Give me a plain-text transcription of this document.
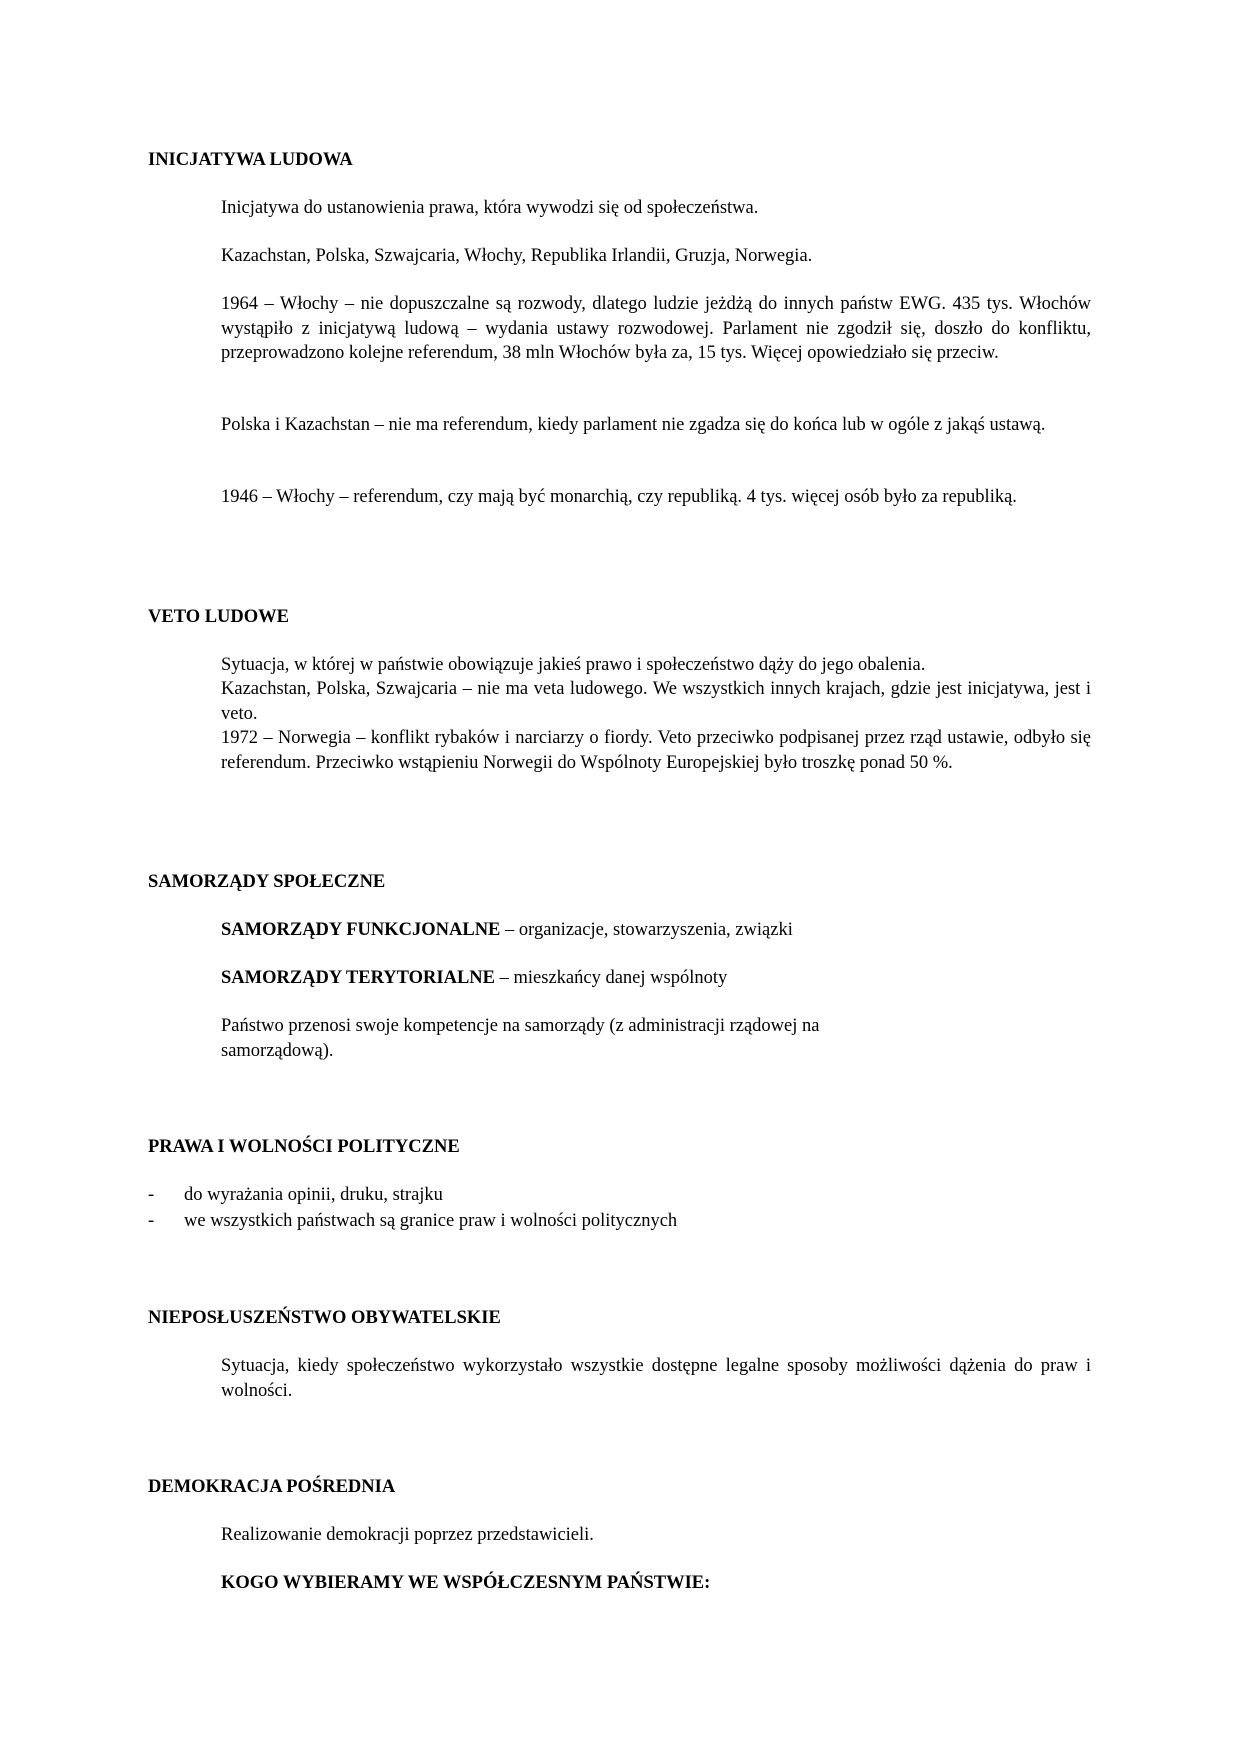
INICJATYWA LUDOWA

Inicjatywa do ustanowienia prawa, która wywodzi się od społeczeństwa.

Kazachstan, Polska, Szwajcaria, Włochy, Republika Irlandii, Gruzja, Norwegia.

1964 – Włochy – nie dopuszczalne są rozwody, dlatego ludzie jeżdżą do innych państw EWG. 435 tys. Włochów wystąpiło z inicjatywą ludową – wydania ustawy rozwodowej. Parlament nie zgodził się, doszło do konfliktu, przeprowadzono kolejne referendum, 38 mln Włochów była za, 15 tys. Więcej opowiedziało się przeciw.

Polska i Kazachstan – nie ma referendum, kiedy parlament nie zgadza się do końca lub w ogóle z jakąś ustawą.

1946 – Włochy – referendum, czy mają być monarchią, czy republiką. 4 tys. więcej osób było za republiką.

VETO LUDOWE

Sytuacja, w której w państwie obowiązuje jakieś prawo i społeczeństwo dąży do jego obalenia.

Kazachstan, Polska, Szwajcaria – nie ma veta ludowego. We wszystkich innych krajach, gdzie jest inicjatywa, jest i veto.

1972 – Norwegia – konflikt rybaków i narciarzy o fiordy. Veto przeciwko podpisanej przez rząd ustawie, odbyło się referendum. Przeciwko wstąpieniu Norwegii do Wspólnoty Europejskiej było troszkę ponad 50 %.

SAMORZĄDY SPOŁECZNE

SAMORZĄDY FUNKCJONALNE – organizacje, stowarzyszenia, związki

SAMORZĄDY TERYTORIALNE – mieszkańcy danej wspólnoty

Państwo przenosi swoje kompetencje na samorządy (z administracji rządowej na
samorządową).

PRAWA I WOLNOŚCI POLITYCZNE
- do wyrażania opinii, druku, strajku
- we wszystkich państwach są granice praw i wolności politycznych
NIEPOSŁUSZEŃSTWO OBYWATELSKIE

Sytuacja, kiedy społeczeństwo wykorzystało wszystkie dostępne legalne sposoby możliwości dążenia do praw i wolności.

DEMOKRACJA POŚREDNIA

Realizowanie demokracji poprzez przedstawicieli.

KOGO WYBIERAMY WE WSPÓŁCZESNYM PAŃSTWIE:
